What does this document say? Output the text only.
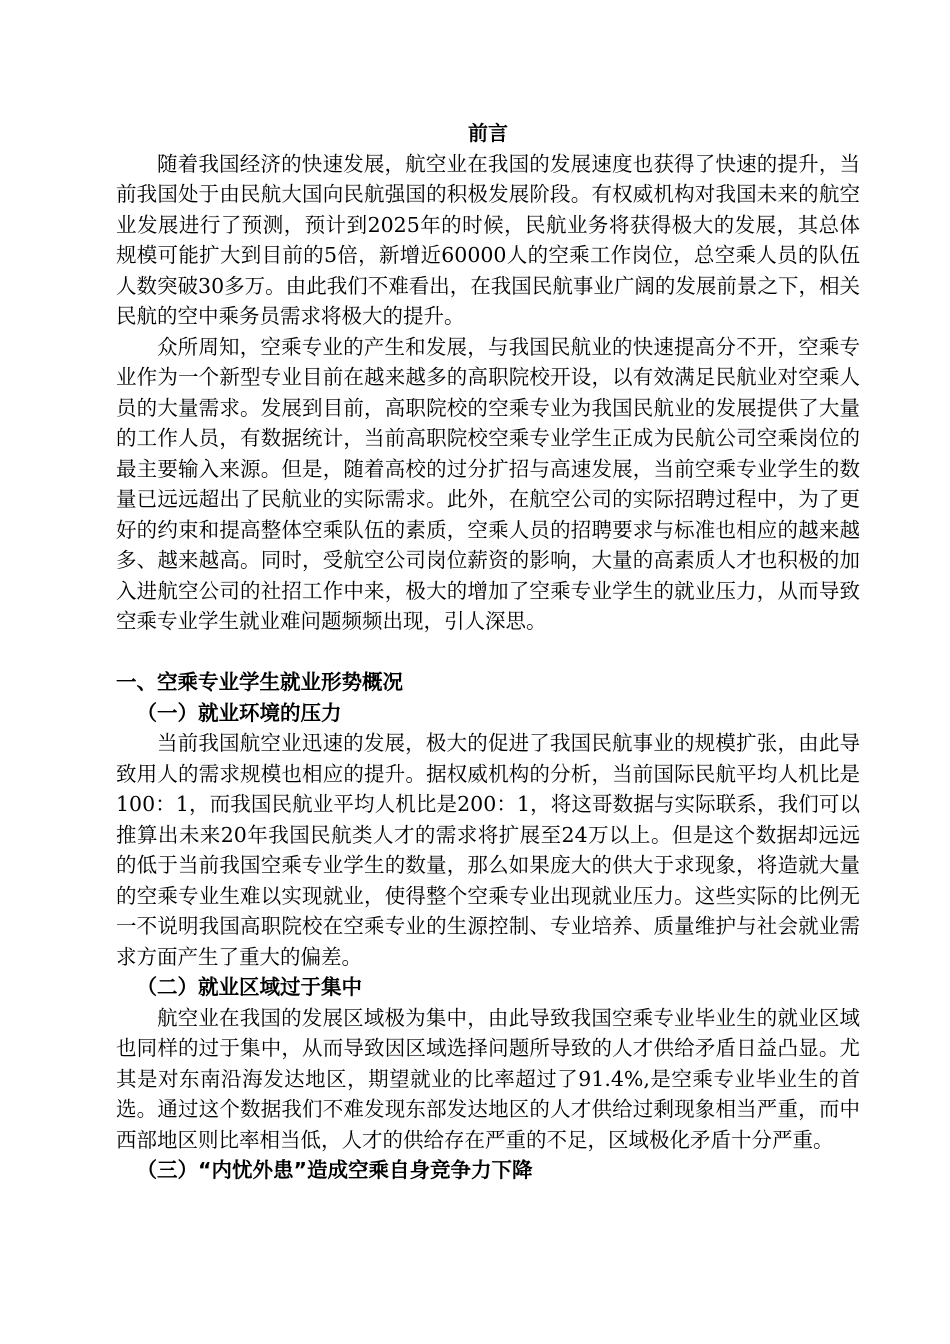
前言

随着我国经济的快速发展，航空业在我国的发展速度也获得了快速的提升，当前我国处于由民航大国向民航强国的积极发展阶段。有权威机构对我国未来的航空业发展进行了预测，预计到2025年的时候，民航业务将获得极大的发展，其总体规模可能扩大到目前的5倍，新增近60000人的空乘工作岗位，总空乘人员的队伍人数突破30多万。由此我们不难看出，在我国民航事业广阔的发展前景之下，相关民航的空中乘务员需求将极大的提升。

众所周知，空乘专业的产生和发展，与我国民航业的快速提高分不开，空乘专业作为一个新型专业目前在越来越多的高职院校开设，以有效满足民航业对空乘人员的大量需求。发展到目前，高职院校的空乘专业为我国民航业的发展提供了大量的工作人员，有数据统计，当前高职院校空乘专业学生正成为民航公司空乘岗位的最主要输入来源。但是，随着高校的过分扩招与高速发展，当前空乘专业学生的数量已远远超出了民航业的实际需求。此外，在航空公司的实际招聘过程中，为了更好的约束和提高整体空乘队伍的素质，空乘人员的招聘要求与标准也相应的越来越多、越来越高。同时，受航空公司岗位薪资的影响，大量的高素质人才也积极的加入进航空公司的社招工作中来，极大的增加了空乘专业学生的就业压力，从而导致空乘专业学生就业难问题频频出现，引人深思。

一、空乘专业学生就业形势概况
（一）就业环境的压力

当前我国航空业迅速的发展，极大的促进了我国民航事业的规模扩张，由此导致用人的需求规模也相应的提升。据权威机构的分析，当前国际民航平均人机比是100：1，而我国民航业平均人机比是200：1，将这哥数据与实际联系，我们可以推算出未来20年我国民航类人才的需求将扩展至24万以上。但是这个数据却远远的低于当前我国空乘专业学生的数量，那么如果庞大的供大于求现象，将造就大量的空乘专业生难以实现就业，使得整个空乘专业出现就业压力。这些实际的比例无一不说明我国高职院校在空乘专业的生源控制、专业培养、质量维护与社会就业需求方面产生了重大的偏差。

（二）就业区域过于集中

航空业在我国的发展区域极为集中，由此导致我国空乘专业毕业生的就业区域也同样的过于集中，从而导致因区域选择问题所导致的人才供给矛盾日益凸显。尤其是对东南沿海发达地区，期望就业的比率超过了91.4%,是空乘专业毕业生的首选。通过这个数据我们不难发现东部发达地区的人才供给过剩现象相当严重，而中西部地区则比率相当低，人才的供给存在严重的不足，区域极化矛盾十分严重。

（三）“内忧外患”造成空乘自身竞争力下降
